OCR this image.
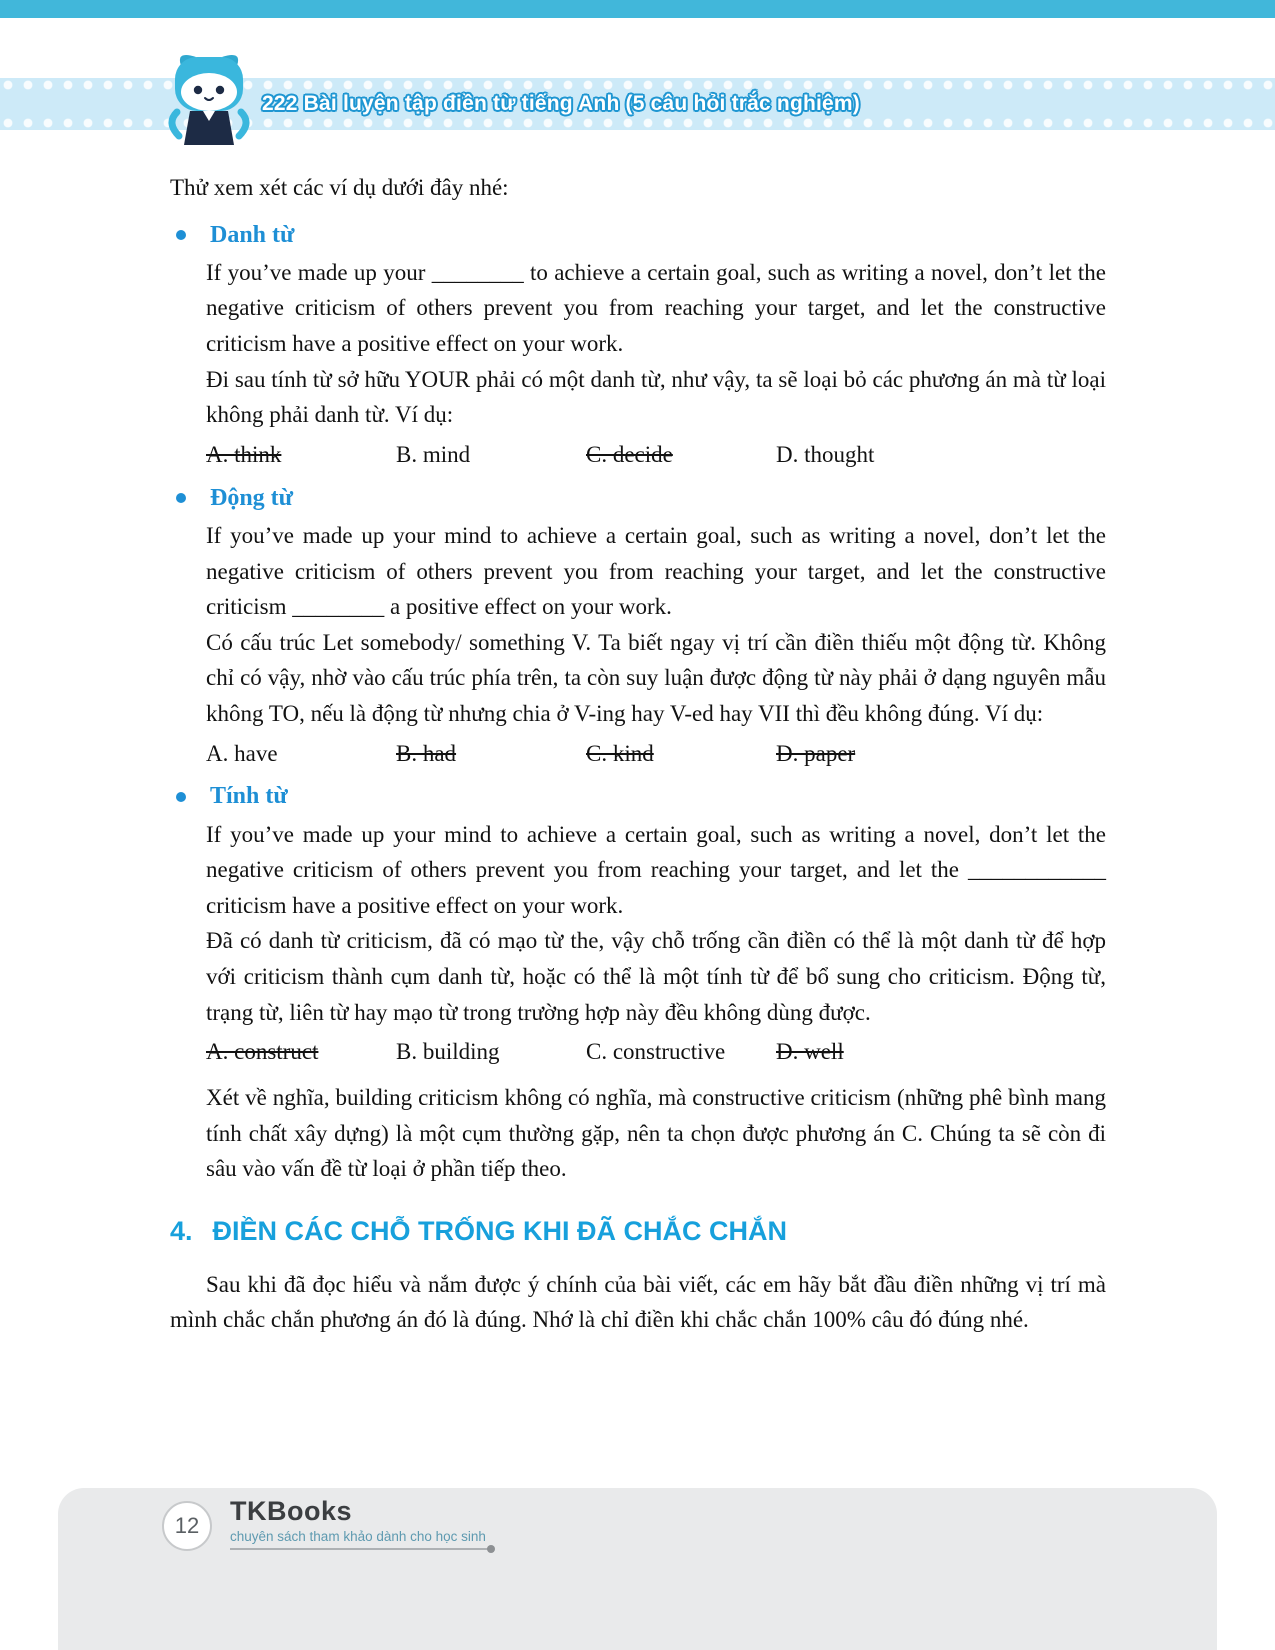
222 Bài luyện tập điền từ tiếng Anh (5 câu hỏi trắc nghiệm)

Thử xem xét các ví dụ dưới đây nhé:

Danh từ

If you’ve made up your ________ to achieve a certain goal, such as writing a novel, don’t let the negative criticism of others prevent you from reaching your target, and let the constructive criticism have a positive effect on your work.

Đi sau tính từ sở hữu YOUR phải có một danh từ, như vậy, ta sẽ loại bỏ các phương án mà từ loại không phải danh từ. Ví dụ:

A. think	B. mind	C. decide	D. thought
Động từ

If you’ve made up your mind to achieve a certain goal, such as writing a novel, don’t let the negative criticism of others prevent you from reaching your target, and let the constructive criticism ________ a positive effect on your work.

Có cấu trúc Let somebody/ something V. Ta biết ngay vị trí cần điền thiếu một động từ. Không chỉ có vậy, nhờ vào cấu trúc phía trên, ta còn suy luận được động từ này phải ở dạng nguyên mẫu không TO, nếu là động từ nhưng chia ở V-ing hay V-ed hay VII thì đều không đúng. Ví dụ:

A. have	B. had	C. kind	D. paper
Tính từ

If you’ve made up your mind to achieve a certain goal, such as writing a novel, don’t let the negative criticism of others prevent you from reaching your target, and let the ____________ criticism have a positive effect on your work.

Đã có danh từ criticism, đã có mạo từ the, vậy chỗ trống cần điền có thể là một danh từ để hợp với criticism thành cụm danh từ, hoặc có thể là một tính từ để bổ sung cho criticism. Động từ, trạng từ, liên từ hay mạo từ trong trường hợp này đều không dùng được.

A. construct	B. building	C. constructive	D. well

Xét về nghĩa, building criticism không có nghĩa, mà constructive criticism (những phê bình mang tính chất xây dựng) là một cụm thường gặp, nên ta chọn được phương án C. Chúng ta sẽ còn đi sâu vào vấn đề từ loại ở phần tiếp theo.

4. ĐIỀN CÁC CHỖ TRỐNG KHI ĐÃ CHẮC CHẮN

Sau khi đã đọc hiểu và nắm được ý chính của bài viết, các em hãy bắt đầu điền những vị trí mà mình chắc chắn phương án đó là đúng. Nhớ là chỉ điền khi chắc chắn 100% câu đó đúng nhé.

12 TKBooks
chuyên sách tham khảo dành cho học sinh
